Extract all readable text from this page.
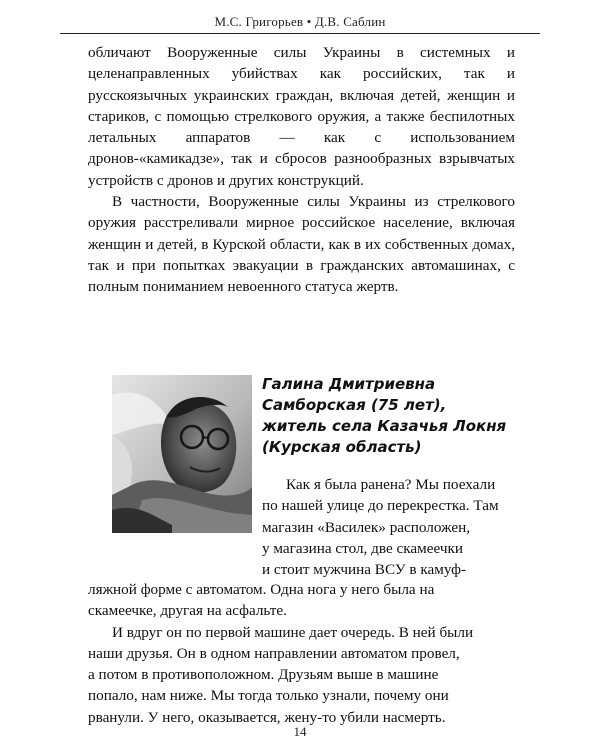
М.С. Григорьев • Д.В. Саблин

обличают Вооруженные силы Украины в системных и целенаправленных убийствах как российских, так и русскоязычных украинских граждан, включая детей, женщин и стариков, с помощью стрелкового оружия, а также беспилотных летальных аппаратов — как с использованием дронов-«камикадзе», так и сбросов разнообразных взрывчатых устройств с дронов и других конструкций.

В частности, Вооруженные силы Украины из стрелкового оружия расстреливали мирное российское население, включая женщин и детей, в Курской области, как в их собственных домах, так и при попытках эвакуации в гражданских автомашинах, с полным пониманием невоенного статуса жертв.

Галина Дмитриевна
Самборская (75 лет),
житель села Казачья Локня
(Курская область)
Как я была ранена? Мы поехали
по нашей улице до перекрестка. Там
магазин «Василек» расположен,
у магазина стол, две скамеечки
и стоит мужчина ВСУ в камуф-
ляжной форме с автоматом. Одна нога у него была на
скамеечке, другая на асфальте.
И вдруг он по первой машине дает очередь. В ней были
наши друзья. Он в одном направлении автоматом провел,
а потом в противоположном. Друзьям выше в машине
попало, нам ниже. Мы тогда только узнали, почему они
рванули. У него, оказывается, жену-то убили насмерть.
14
